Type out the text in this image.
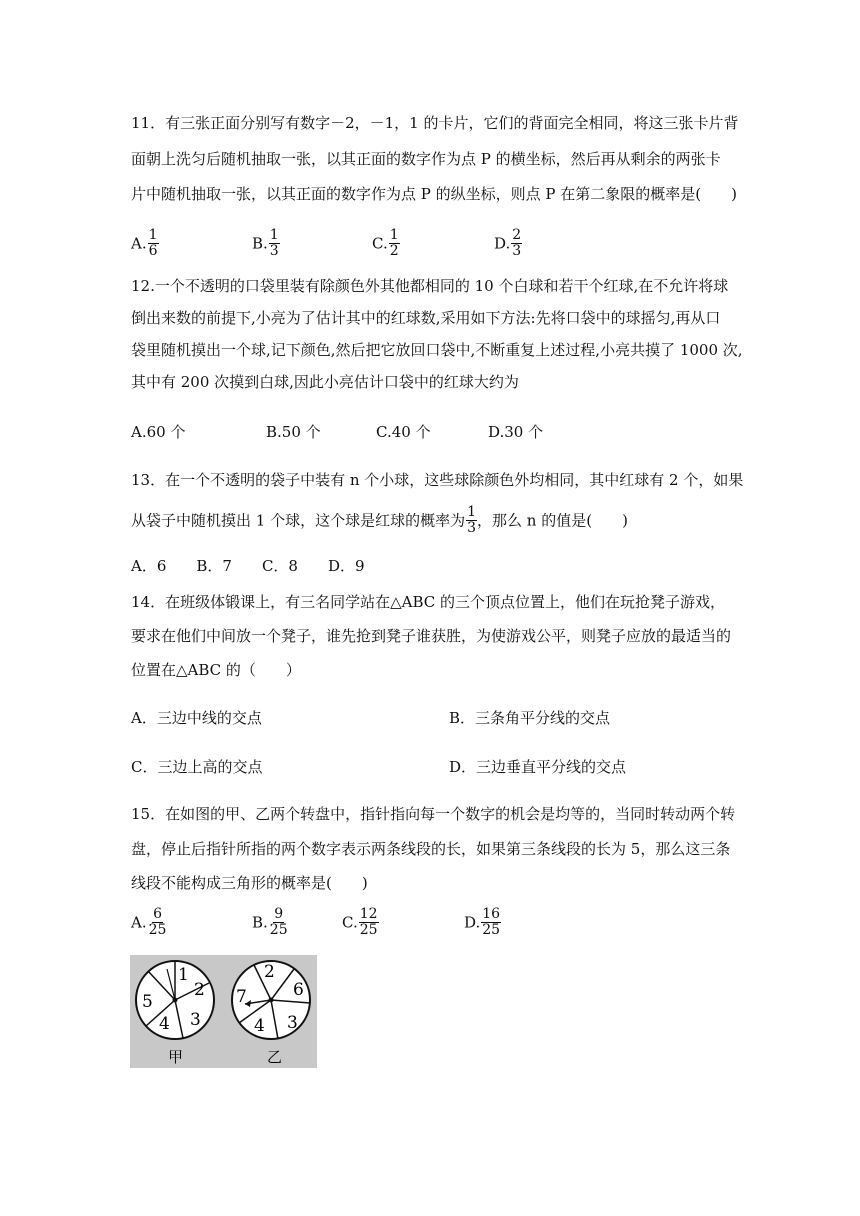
11．有三张正面分别写有数字－2，－1，1 的卡片，它们的背面完全相同，将这三张卡片背
面朝上洗匀后随机抽取一张，以其正面的数字作为点 P 的横坐标，然后再从剩余的两张卡
片中随机抽取一张，以其正面的数字作为点 P 的纵坐标，则点 P 在第二象限的概率是(　　)
A. $\frac{1}{6}$	B. $\frac{1}{3}$	C. $\frac{1}{2}$	D. $\frac{2}{3}$
12.一个不透明的口袋里装有除颜色外其他都相同的 10 个白球和若干个红球,在不允许将球
倒出来数的前提下,小亮为了估计其中的红球数,采用如下方法:先将口袋中的球摇匀,再从口
袋里随机摸出一个球,记下颜色,然后把它放回口袋中,不断重复上述过程,小亮共摸了 1000 次,
其中有 200 次摸到白球,因此小亮估计口袋中的红球大约为
A.60 个	B.50 个	C.40 个	D.30 个
13．在一个不透明的袋子中装有 n 个小球，这些球除颜色外均相同，其中红球有 2 个，如果
从袋子中随机摸出 1 个球，这个球是红球的概率为 $\frac{1}{3}$ ，那么 n 的值是(　　)
A．6　　B．7　　C．8　　D．9
14．在班级体锻课上，有三名同学站在△ABC 的三个顶点位置上，他们在玩抢凳子游戏，
要求在他们中间放一个凳子，谁先抢到凳子谁获胜，为使游戏公平，则凳子应放的最适当的
位置在△ABC 的（　　）
A．三边中线的交点	B．三条角平分线的交点
C．三边上高的交点	D．三边垂直平分线的交点
15．在如图的甲、乙两个转盘中，指针指向每一个数字的机会是均等的，当同时转动两个转
盘，停止后指针所指的两个数字表示两条线段的长，如果第三条线段的长为 5，那么这三条
线段不能构成三角形的概率是(　　)
A. $\frac{6}{25}$	B. $\frac{9}{25}$	C. $\frac{12}{25}$	D. $\frac{16}{25}$
1
2
3
4
5
甲
2
6
3
4
7
乙
